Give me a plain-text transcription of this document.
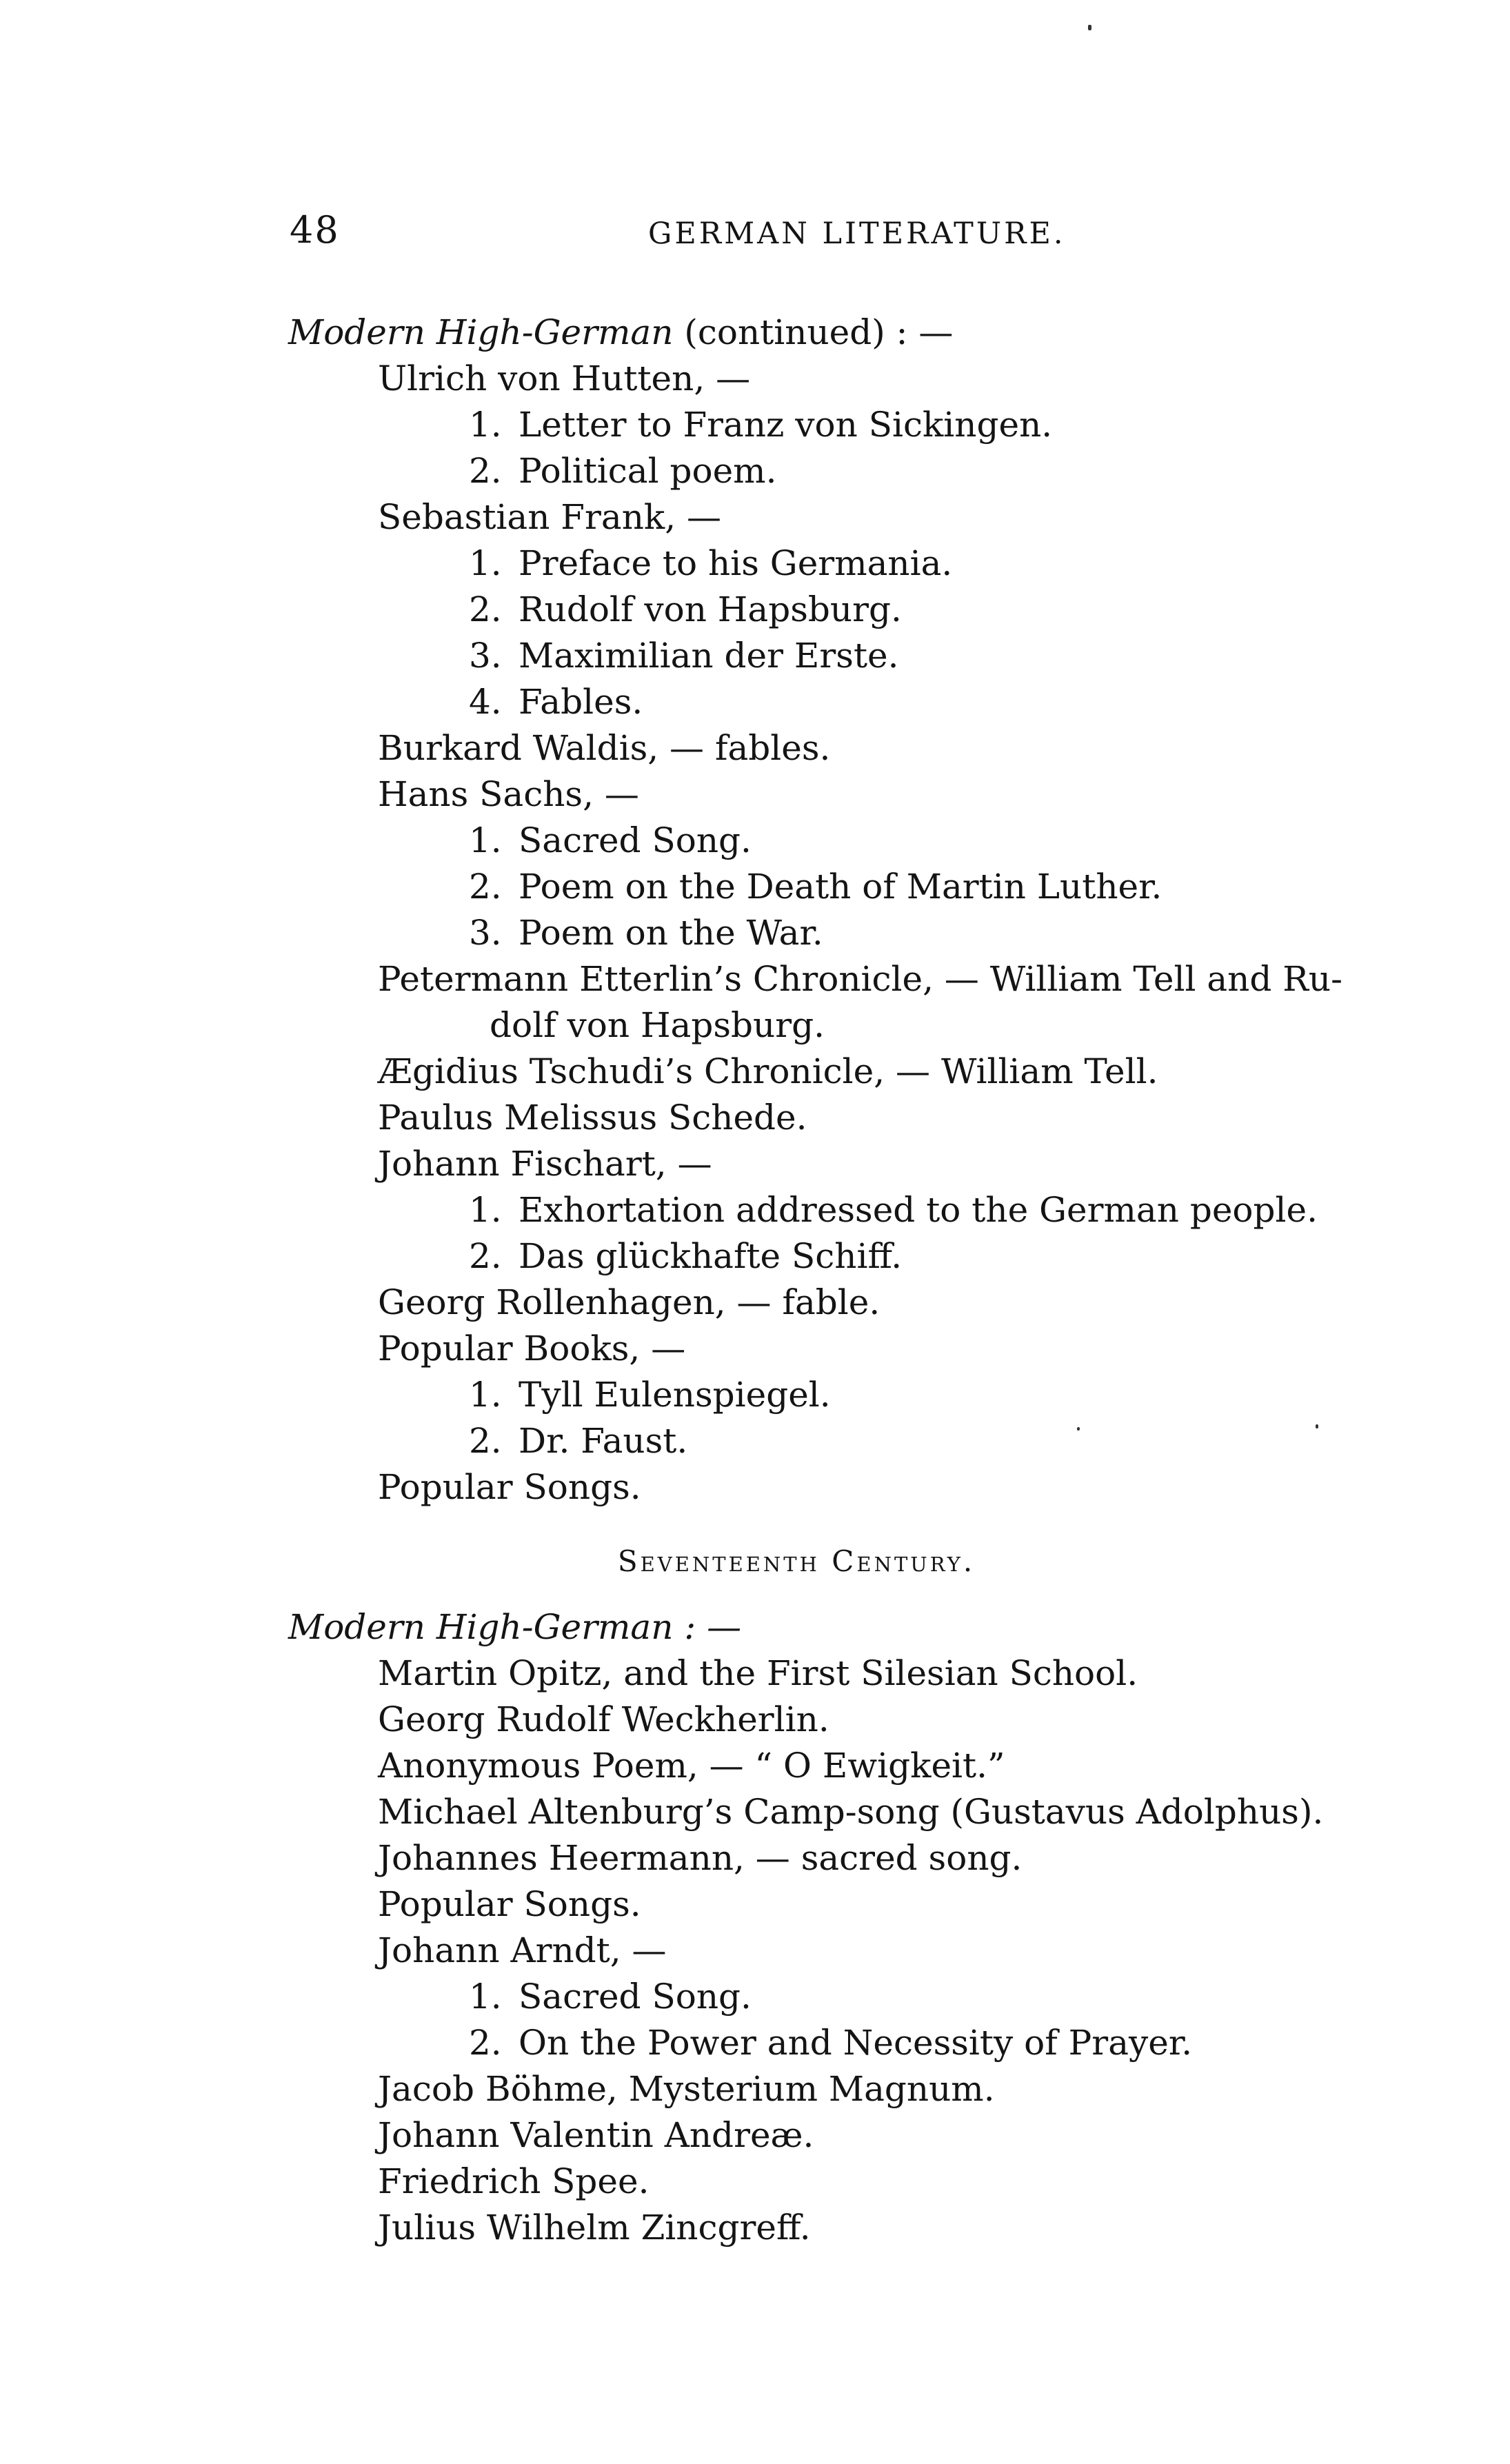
48	GERMAN LITERATURE.
Modern High-German (continued) : —
Ulrich von Hutten, —
1. Letter to Franz von Sickingen.
2. Political poem.
Sebastian Frank, —
1. Preface to his Germania.
2. Rudolf von Hapsburg.
3. Maximilian der Erste.
4. Fables.
Burkard Waldis, — fables.
Hans Sachs, —
1. Sacred Song.
2. Poem on the Death of Martin Luther.
3. Poem on the War.
Petermann Etterlin’s Chronicle, — William Tell and Ru-
dolf von Hapsburg.
Ægidius Tschudi’s Chronicle, — William Tell.
Paulus Melissus Schede.
Johann Fischart, —
1. Exhortation addressed to the German people.
2. Das glückhafte Schiff.
Georg Rollenhagen, — fable.
Popular Books, —
1. Tyll Eulenspiegel.
2. Dr. Faust.
Popular Songs.
Seventeenth Century.
Modern High-German : —
Martin Opitz, and the First Silesian School.
Georg Rudolf Weckherlin.
Anonymous Poem, — “ O Ewigkeit.”
Michael Altenburg’s Camp-song (Gustavus Adolphus).
Johannes Heermann, — sacred song.
Popular Songs.
Johann Arndt, —
1. Sacred Song.
2. On the Power and Necessity of Prayer.
Jacob Böhme, Mysterium Magnum.
Johann Valentin Andreæ.
Friedrich Spee.
Julius Wilhelm Zincgreff.
